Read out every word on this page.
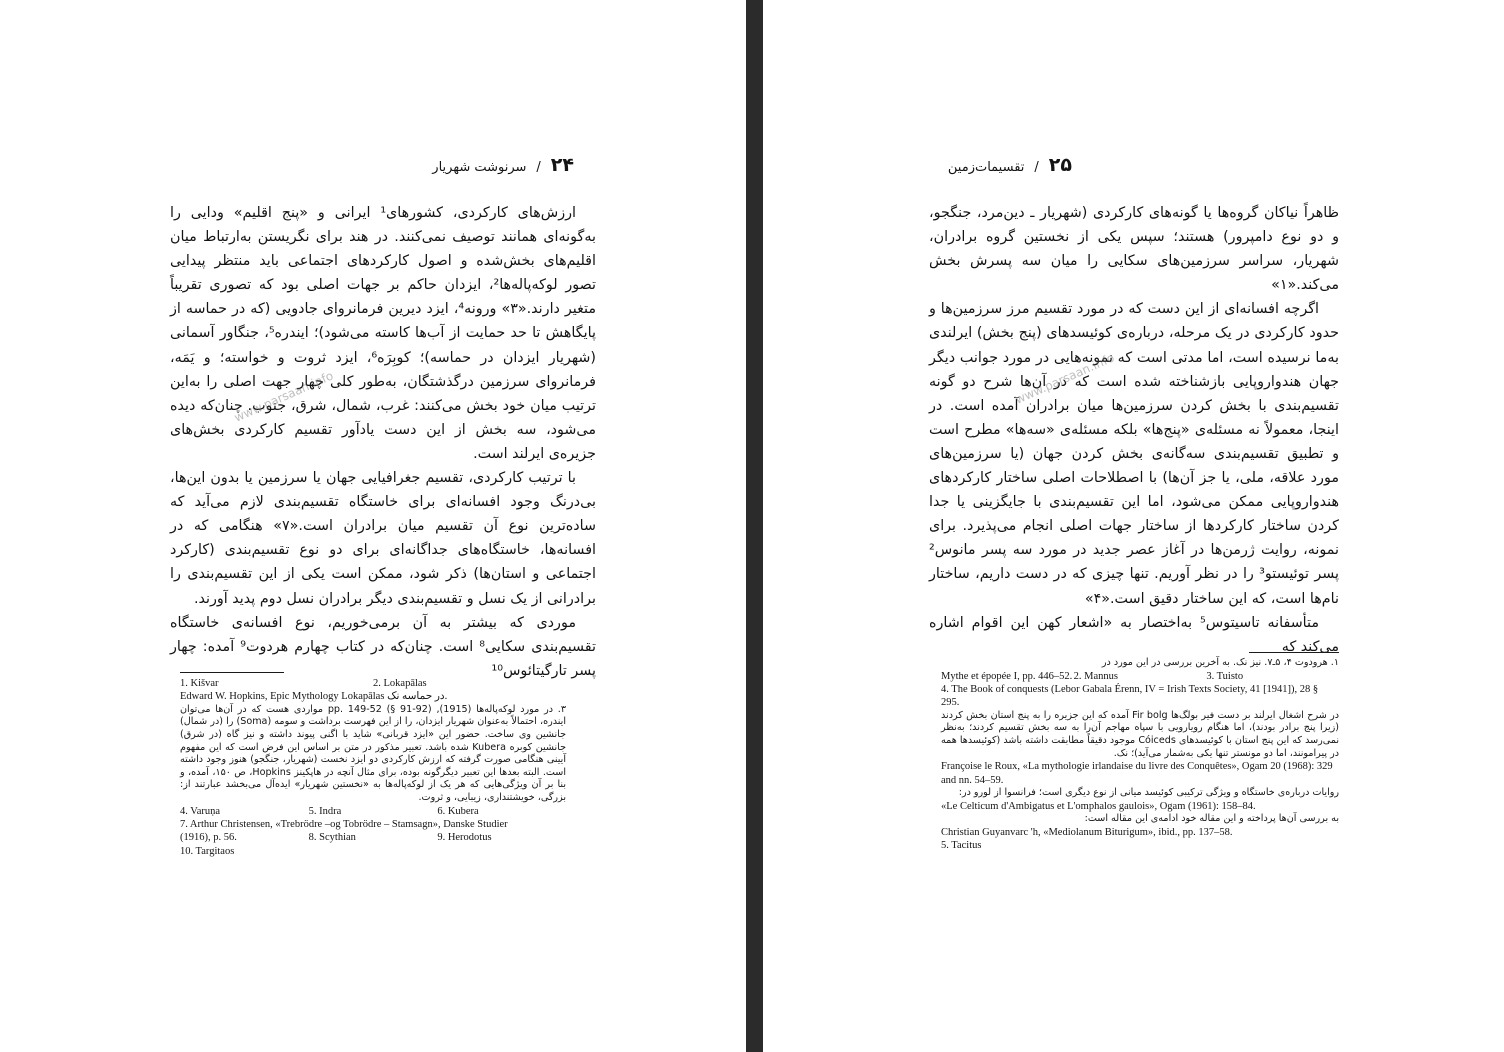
۲۴
/
سرنوشت شهریار

ارزش‌های کارکردی، کشورهای¹ ایرانی و «پنج اقلیم» ودایی را به‌گونه‌ای همانند توصیف نمی‌کنند. در هند برای نگریستن به‌ارتباط میان اقلیم‌های بخش‌شده و اصول کارکردهای اجتماعی باید منتظر پیدایی تصور لوکه‌پاله‌ها²، ایزدان حاکم بر جهات اصلی بود که تصوری تقریباً متغیر دارند.«۳» ورونه⁴، ایزد دیرین فرمانروای جادویی (که در حماسه از پایگاهش تا حد حمایت از آب‌ها کاسته می‌شود)؛ ایندره⁵، جنگاور آسمانی (شهریار ایزدان در حماسه)؛ کوبِرَه⁶، ایزد ثروت و خواسته؛ و یَمَه، فرمانروای سرزمین درگذشتگان، به‌طور کلی چهار جهت اصلی را به‌این ترتیب میان خود بخش می‌کنند: غرب، شمال، شرق، جنوب. چنان‌که دیده می‌شود، سه بخش از این دست یادآور تقسیم کارکردی بخش‌های جزیره‌ی ایرلند است.

با ترتیب کارکردی، تقسیم جغرافیایی جهان یا سرزمین یا بدون این‌ها، بی‌درنگ وجود افسانه‌ای برای خاستگاه تقسیم‌بندی لازم می‌آید که ساده‌ترین نوع آن تقسیم میان برادران است.«۷» هنگامی که در افسانه‌ها، خاستگاه‌های جداگانه‌ای برای دو نوع تقسیم‌بندی (کارکرد اجتماعی و استان‌ها) ذکر شود، ممکن است یکی از این تقسیم‌بندی را برادرانی از یک نسل و تقسیم‌بندی دیگر برادران نسل دوم پدید آورند.

موردی که بیشتر به آن برمی‌خوریم، نوع افسانه‌ی خاستگاه تقسیم‌بندی سکایی⁸ است. چنان‌که در کتاب چهارم هردوت⁹ آمده: چهار پسر تارگیتائوس¹⁰

1. Kišvar	2. Lokapālas
Edward W. Hopkins, Epic Mythology Lokapālas در حماسه نک.
۳. در مورد لوکه‌پاله‌ها (1915), pp. 149-52 (§ 91-92) مواردی هست که در آن‌ها می‌توان ایندره، احتمالاً به‌عنوان شهریار ایزدان، را از این فهرست برداشت و سومه (Soma) را (در شمال) جانشین وی ساخت. حضور این «ایزد قربانی» شاید با اگنی پیوند داشته و نیز گاه (در شرق) جانشین کوبره Kubera شده باشد. تعبیر مذکور در متن بر اساس این فرض است که این مفهوم آیینی هنگامی صورت گرفته که ارزش کارکردی دو ایزد نخست (شهریار، جنگجو) هنوز وجود داشته است. البته بعدها این تعبیر دیگرگونه بوده، برای مثال آنچه در هاپکینز Hopkins، ص ۱۵۰، آمده، و بنا بر آن ویژگی‌هایی که هر یک از لوکه‌پاله‌ها به «نخستین شهریار» ایده‌آل می‌بخشد عبارتند از: بزرگی، خویشتنداری، زیبایی، و ثروت.
4. Varuṇa	5. Indra	6. Kubera
7. Arthur Christensen, «Trebrödre –og Tobrödre – Stamsagn», Danske Studier
(1916), p. 56.	8. Scythian	9. Herodotus
10. Targitaos
www.parsaan.info
۲۵
/
تقسیمات‌زمین

ظاهراً نیاکان گروه‌ها یا گونه‌های کارکردی (شهریار ـ دین‌مرد، جنگجو، و دو نوع دامپرور) هستند؛ سپس یکی از نخستین گروه برادران، شهریار، سراسر سرزمین‌های سکایی را میان سه پسرش بخش می‌کند.«۱»

اگرچه افسانه‌ای از این دست که در مورد تقسیم مرز سرزمین‌ها و حدود کارکردی در یک مرحله، درباره‌ی کوئیسدهای (پنج بخش) ایرلندی به‌ما نرسیده است، اما مدتی است که نمونه‌هایی در مورد جوانب دیگر جهان هندواروپایی بازشناخته شده است که در آن‌ها شرح دو گونه تقسیم‌بندی با بخش کردن سرزمین‌ها میان برادران آمده است. در اینجا، معمولاً نه مسئله‌ی «پنج‌ها» بلکه مسئله‌ی «سه‌ها» مطرح است و تطبیق تقسیم‌بندی سه‌گانه‌ی بخش کردن جهان (یا سرزمین‌های مورد علاقه، ملی، یا جز آن‌ها) با اصطلاحات اصلی ساختار کارکردهای هندواروپایی ممکن می‌شود، اما این تقسیم‌بندی با جایگزینی یا جدا کردن ساختار کارکردها از ساختار جهات اصلی انجام می‌پذیرد. برای نمونه، روایت ژرمن‌ها در آغاز عصر جدید در مورد سه پسر مانوس² پسر توئیستو³ را در نظر آوریم. تنها چیزی که در دست داریم، ساختار نام‌ها است، که این ساختار دقیق است.«۴»

متأسفانه تاسیتوس⁵ به‌اختصار به «اشعار کهن این اقوام اشاره می‌کند که

۱. هرودوت ۴، ۵ـ۷. نیز نک. به آخرین بررسی در این مورد در
Mythe et épopée I, pp. 446–52. 2. Mannus	3. Tuisto
4. The Book of conquests (Lebor Gabala Érenn, IV = Irish Texts Society, 41 [1941]), 28 § 295.
در شرح اشغال ایرلند بر دست فیر بولگ‌ها Fir bolg آمده که این جزیره را به پنج استان بخش کردند (زیرا پنج برادر بودند)، اما هنگام رویارویی با سپاه مهاجم آن‌را به سه بخش تقسیم کردند؛ به‌نظر نمی‌رسد که این پنج استان با کوئیسدهای Cóiceds موجود دقیقاً مطابقت داشته باشد (کوئیسدها همه در پیرامونند، اما دو مونستر تنها یکی به‌شمار می‌آید)؛ نک.
Françoise le Roux, «La mythologie irlandaise du livre des Conquêtes», Ogam 20 (1968): 329 and nn. 54–59.
روایات درباره‌ی خاستگاه و ویژگی ترکیبی کوئیسد میانی از نوع دیگری است؛ فرانسوا از لورو در:
«Le Celticum d'Ambigatus et L'omphalos gaulois», Ogam (1961): 158–84.
به بررسی آن‌ها پرداخته و این مقاله خود ادامه‌ی این مقاله است:
Christian Guyanvarc 'h, «Mediolanum Biturigum», ibid., pp. 137–58.
5. Tacitus
www.parsaan.info
